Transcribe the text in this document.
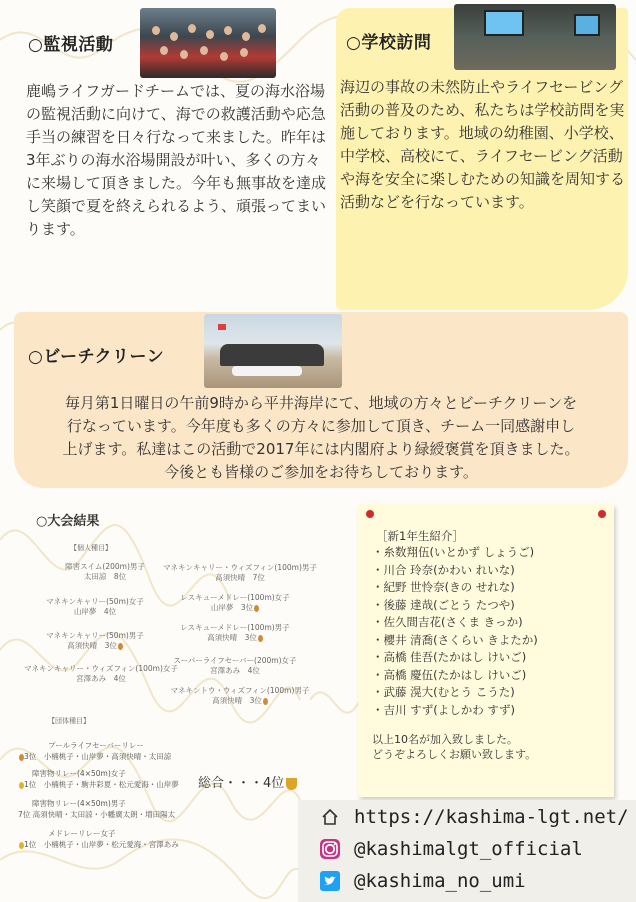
○監視活動

鹿嶋ライフガードチームでは、夏の海水浴場の監視活動に向けて、海での救護活動や応急手当の練習を日々行なって来ました。昨年は3年ぶりの海水浴場開設が叶い、多くの方々に来場して頂きました。今年も無事故を達成し笑顔で夏を終えられるよう、頑張ってまいります。

○学校訪問

海辺の事故の未然防止やライフセービング活動の普及のため、私たちは学校訪問を実施しております。地域の幼稚園、小学校、中学校、高校にて、ライフセービング活動や海を安全に楽しむための知識を周知する活動などを行なっています。

○ビーチクリーン
毎月第1日曜日の午前9時から平井海岸にて、地域の方々とビーチクリーンを
行なっています。今年度も多くの方々に参加して頂き、チーム一同感謝申し
上げます。私達はこの活動で2017年には内閣府より緑綬褒賞を頂きました。
今後とも皆様のご参加をお待ちしております。
○大会結果
【個人種目】
障害スイム(200m)男子
太田諒　8位
マネキンキャリー(50m)女子
山岸夢　4位
マネキンキャリー(50m)男子
高須快晴　3位
マネキンキャリー・ウィズフィン(100m)女子
宮澤あみ　4位
マネキンキャリー・ウィズフィン(100m)男子
高須快晴　7位
レスキューメドレー(100m)女子
山岸夢　3位
レスキューメドレー(100m)男子
高須快晴　3位
スーパーライフセーバー(200m)女子
宮澤あみ　4位
マネキントウ・ウィズフィン(100m)男子
高須快晴　3位
【団体種目】
プールライフセーバーリレー
3位　小楠桃子・山岸夢・高須快晴・太田諒
障害物リレー(4×50m)女子
1位　小楠桃子・駒井彩夏・松元愛海・山岸夢
障害物リレー(4×50m)男子
7位 高須快晴・太田諒・小幡廣太朗・増田陽太
メドレーリレー女子
1位　小楠桃子・山岸夢・松元愛海・宮澤あみ
総合・・・4位
［新1年生紹介］
・糸数翔伍(いとかず しょうご)
・川合 玲奈(かわい れいな)
・紀野 世怜奈(きの せれな)
・後藤 達哉(ごとう たつや)
・佐久間吉花(さくま きっか)
・櫻井 清喬(さくらい きよたか)
・高橋 佳吾(たかはし けいご)
・高橋 慶伍(たかはし けいご)
・武藤 滉大(むとう こうた)
・吉川 すず(よしかわ すず)
以上10名が加入致しました。
どうぞよろしくお願い致します。
https://kashima-lgt.net/
@kashimalgt_official
@kashima_no_umi
